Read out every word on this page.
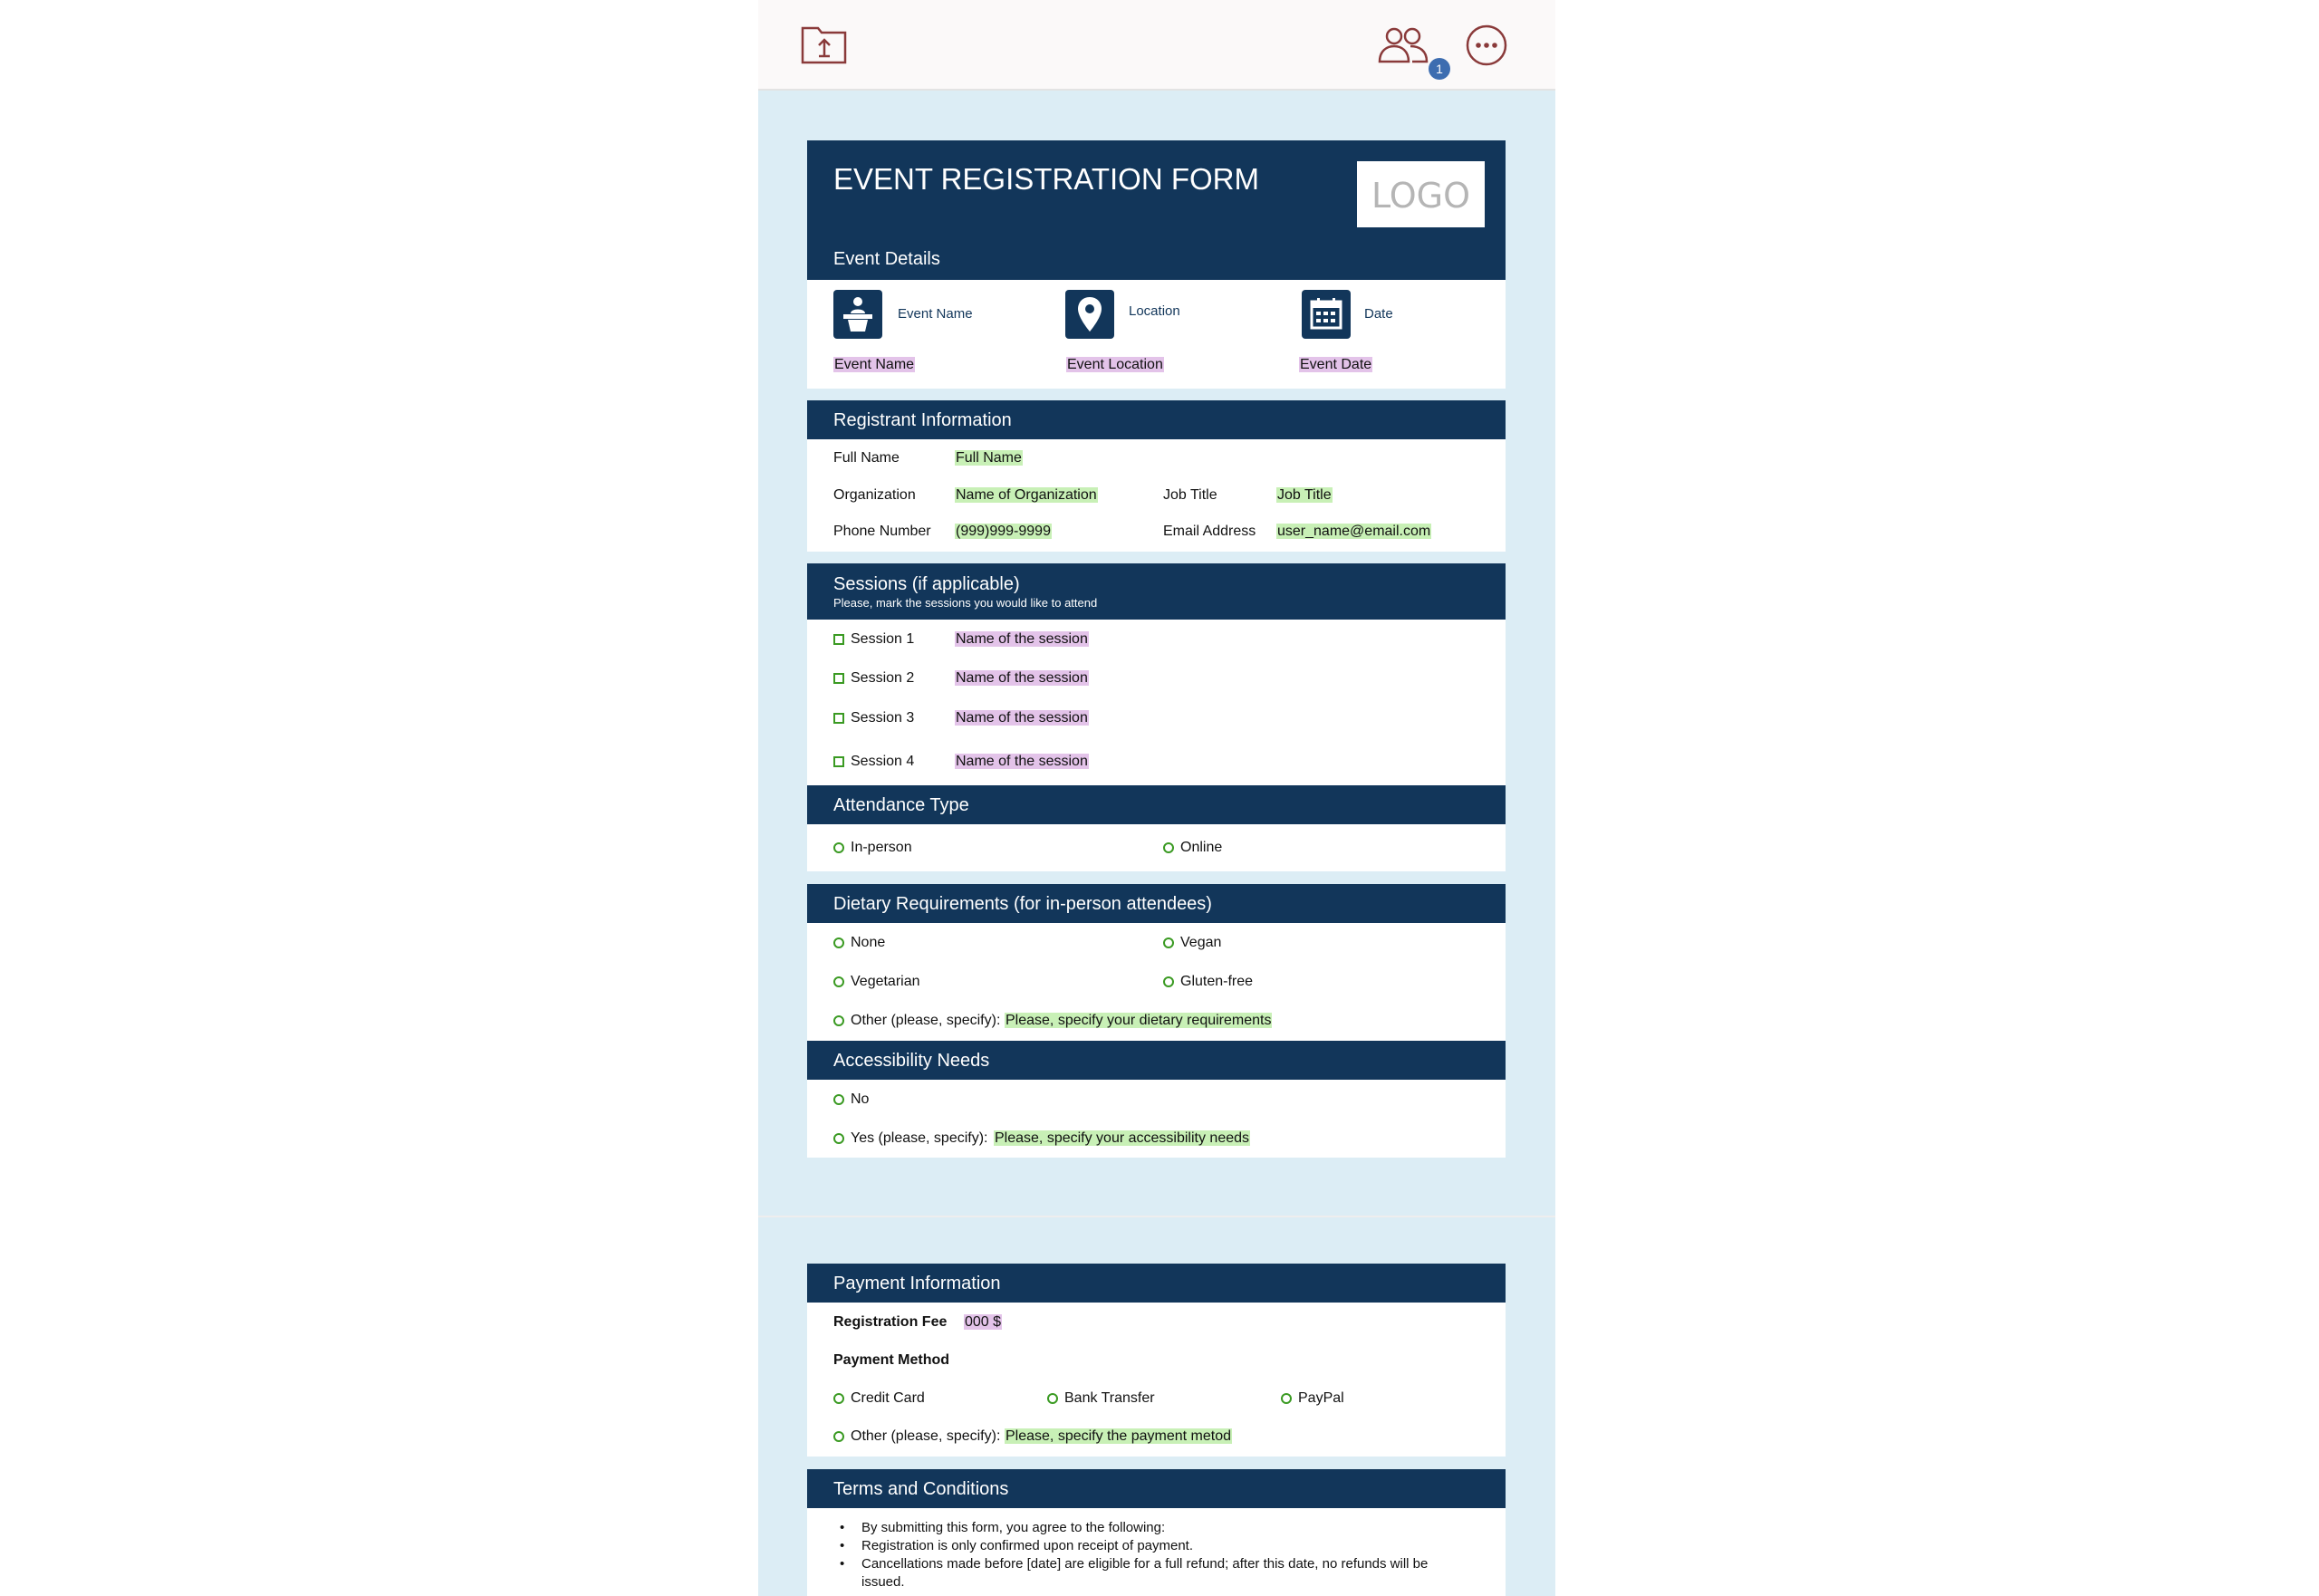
1
EVENT REGISTRATION FORM	LOGO
Event Details
Event Name	Location	Date
Event Name	Event Location	Event Date
Registrant Information
Full Name	Full Name
Organization	Name of Organization	Job Title	Job Title
Phone Number (999)999-9999	Email Address user_name@email.com
Sessions (if applicable)
Please, mark the sessions you would like to attend
Session 1	Name of the session
Session 2	Name of the session
Session 3	Name of the session
Session 4	Name of the session
Attendance Type
In-person	Online
Dietary Requirements (for in-person attendees)
None	Vegan
Vegetarian	Gluten-free
Other (please, specify): Please, specify your dietary requirements
Accessibility Needs
No
Yes (please, specify): Please, specify your accessibility needs
Payment Information
Registration Fee 000 $
Payment Method
Credit Card	Bank Transfer	PayPal
Other (please, specify): Please, specify the payment metod
Terms and Conditions
• By submitting this form, you agree to the following:
• Registration is only confirmed upon receipt of payment.
• Cancellations made before [date] are eligible for a full refund; after this date, no refunds will be
issued.
